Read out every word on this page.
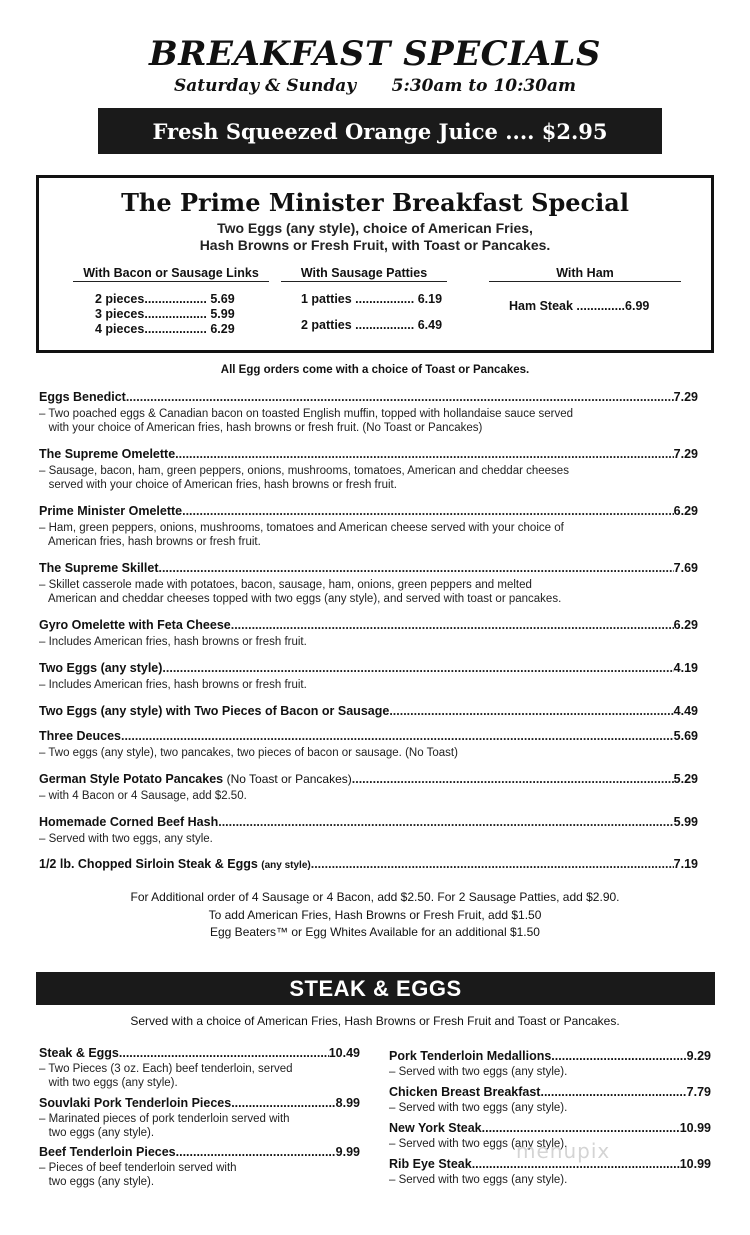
BREAKFAST SPECIALS
Saturday & Sunday      5:30am to 10:30am
Fresh Squeezed Orange Juice .... $2.95
The Prime Minister Breakfast Special
Two Eggs (any style), choice of American Fries,
Hash Browns or Fresh Fruit, with Toast or Pancakes.
With Bacon or Sausage Links
2 pieces.................. 5.69
3 pieces.................. 5.99
4 pieces.................. 6.29
With Sausage Patties
1 patties ................. 6.19
2 patties ................. 6.49
With Ham
Ham Steak ..............6.99
All Egg orders come with a choice of Toast or Pancakes.
Eggs Benedict .....	7.29
– Two poached eggs & Canadian bacon on toasted English muffin, topped with hollandaise sauce served
with your choice of American fries, hash browns or fresh fruit. (No Toast or Pancakes)
The Supreme Omelette .....	7.29
– Sausage, bacon, ham, green peppers, onions, mushrooms, tomatoes, American and cheddar cheeses
served with your choice of American fries, hash browns or fresh fruit.
Prime Minister Omelette .....	6.29
– Ham, green peppers, onions, mushrooms, tomatoes and American cheese served with your choice of
American fries, hash browns or fresh fruit.
The Supreme Skillet .....	7.69
– Skillet casserole made with potatoes, bacon, sausage, ham, onions, green peppers and melted
American and cheddar cheeses topped with two eggs (any style), and served with toast or pancakes.
Gyro Omelette with Feta Cheese .....	6.29
– Includes American fries, hash browns or fresh fruit.
Two Eggs (any style) .....	4.19
– Includes American fries, hash browns or fresh fruit.
Two Eggs (any style) with Two Pieces of Bacon or Sausage .....	4.49
Three Deuces .....	5.69
– Two eggs (any style), two pancakes, two pieces of bacon or sausage. (No Toast)
German Style Potato Pancakes (No Toast or Pancakes) .....	5.29
– with 4 Bacon or 4 Sausage, add $2.50.
Homemade Corned Beef Hash .....	5.99
– Served with two eggs, any style.
1/2 lb. Chopped Sirloin Steak & Eggs (any style) .....	7.19
For Additional order of 4 Sausage or 4 Bacon, add $2.50. For 2 Sausage Patties, add $2.90.
To add American Fries, Hash Browns or Fresh Fruit, add $1.50
Egg Beaters™ or Egg Whites Available for an additional $1.50
STEAK & EGGS
Served with a choice of American Fries, Hash Browns or Fresh Fruit and Toast or Pancakes.
Steak & Eggs .....	10.49
– Two Pieces (3 oz. Each) beef tenderloin, served
with two eggs (any style).
Souvlaki Pork Tenderloin Pieces .....	8.99
– Marinated pieces of pork tenderloin served with
two eggs (any style).
Beef Tenderloin Pieces .....	9.99
– Pieces of beef tenderloin served with
two eggs (any style).
Pork Tenderloin Medallions .....	9.29
– Served with two eggs (any style).
Chicken Breast Breakfast .....	7.79
– Served with two eggs (any style).
New York Steak .....	10.99
– Served with two eggs (any style).
Rib Eye Steak .....	10.99
– Served with two eggs (any style).
menupix
